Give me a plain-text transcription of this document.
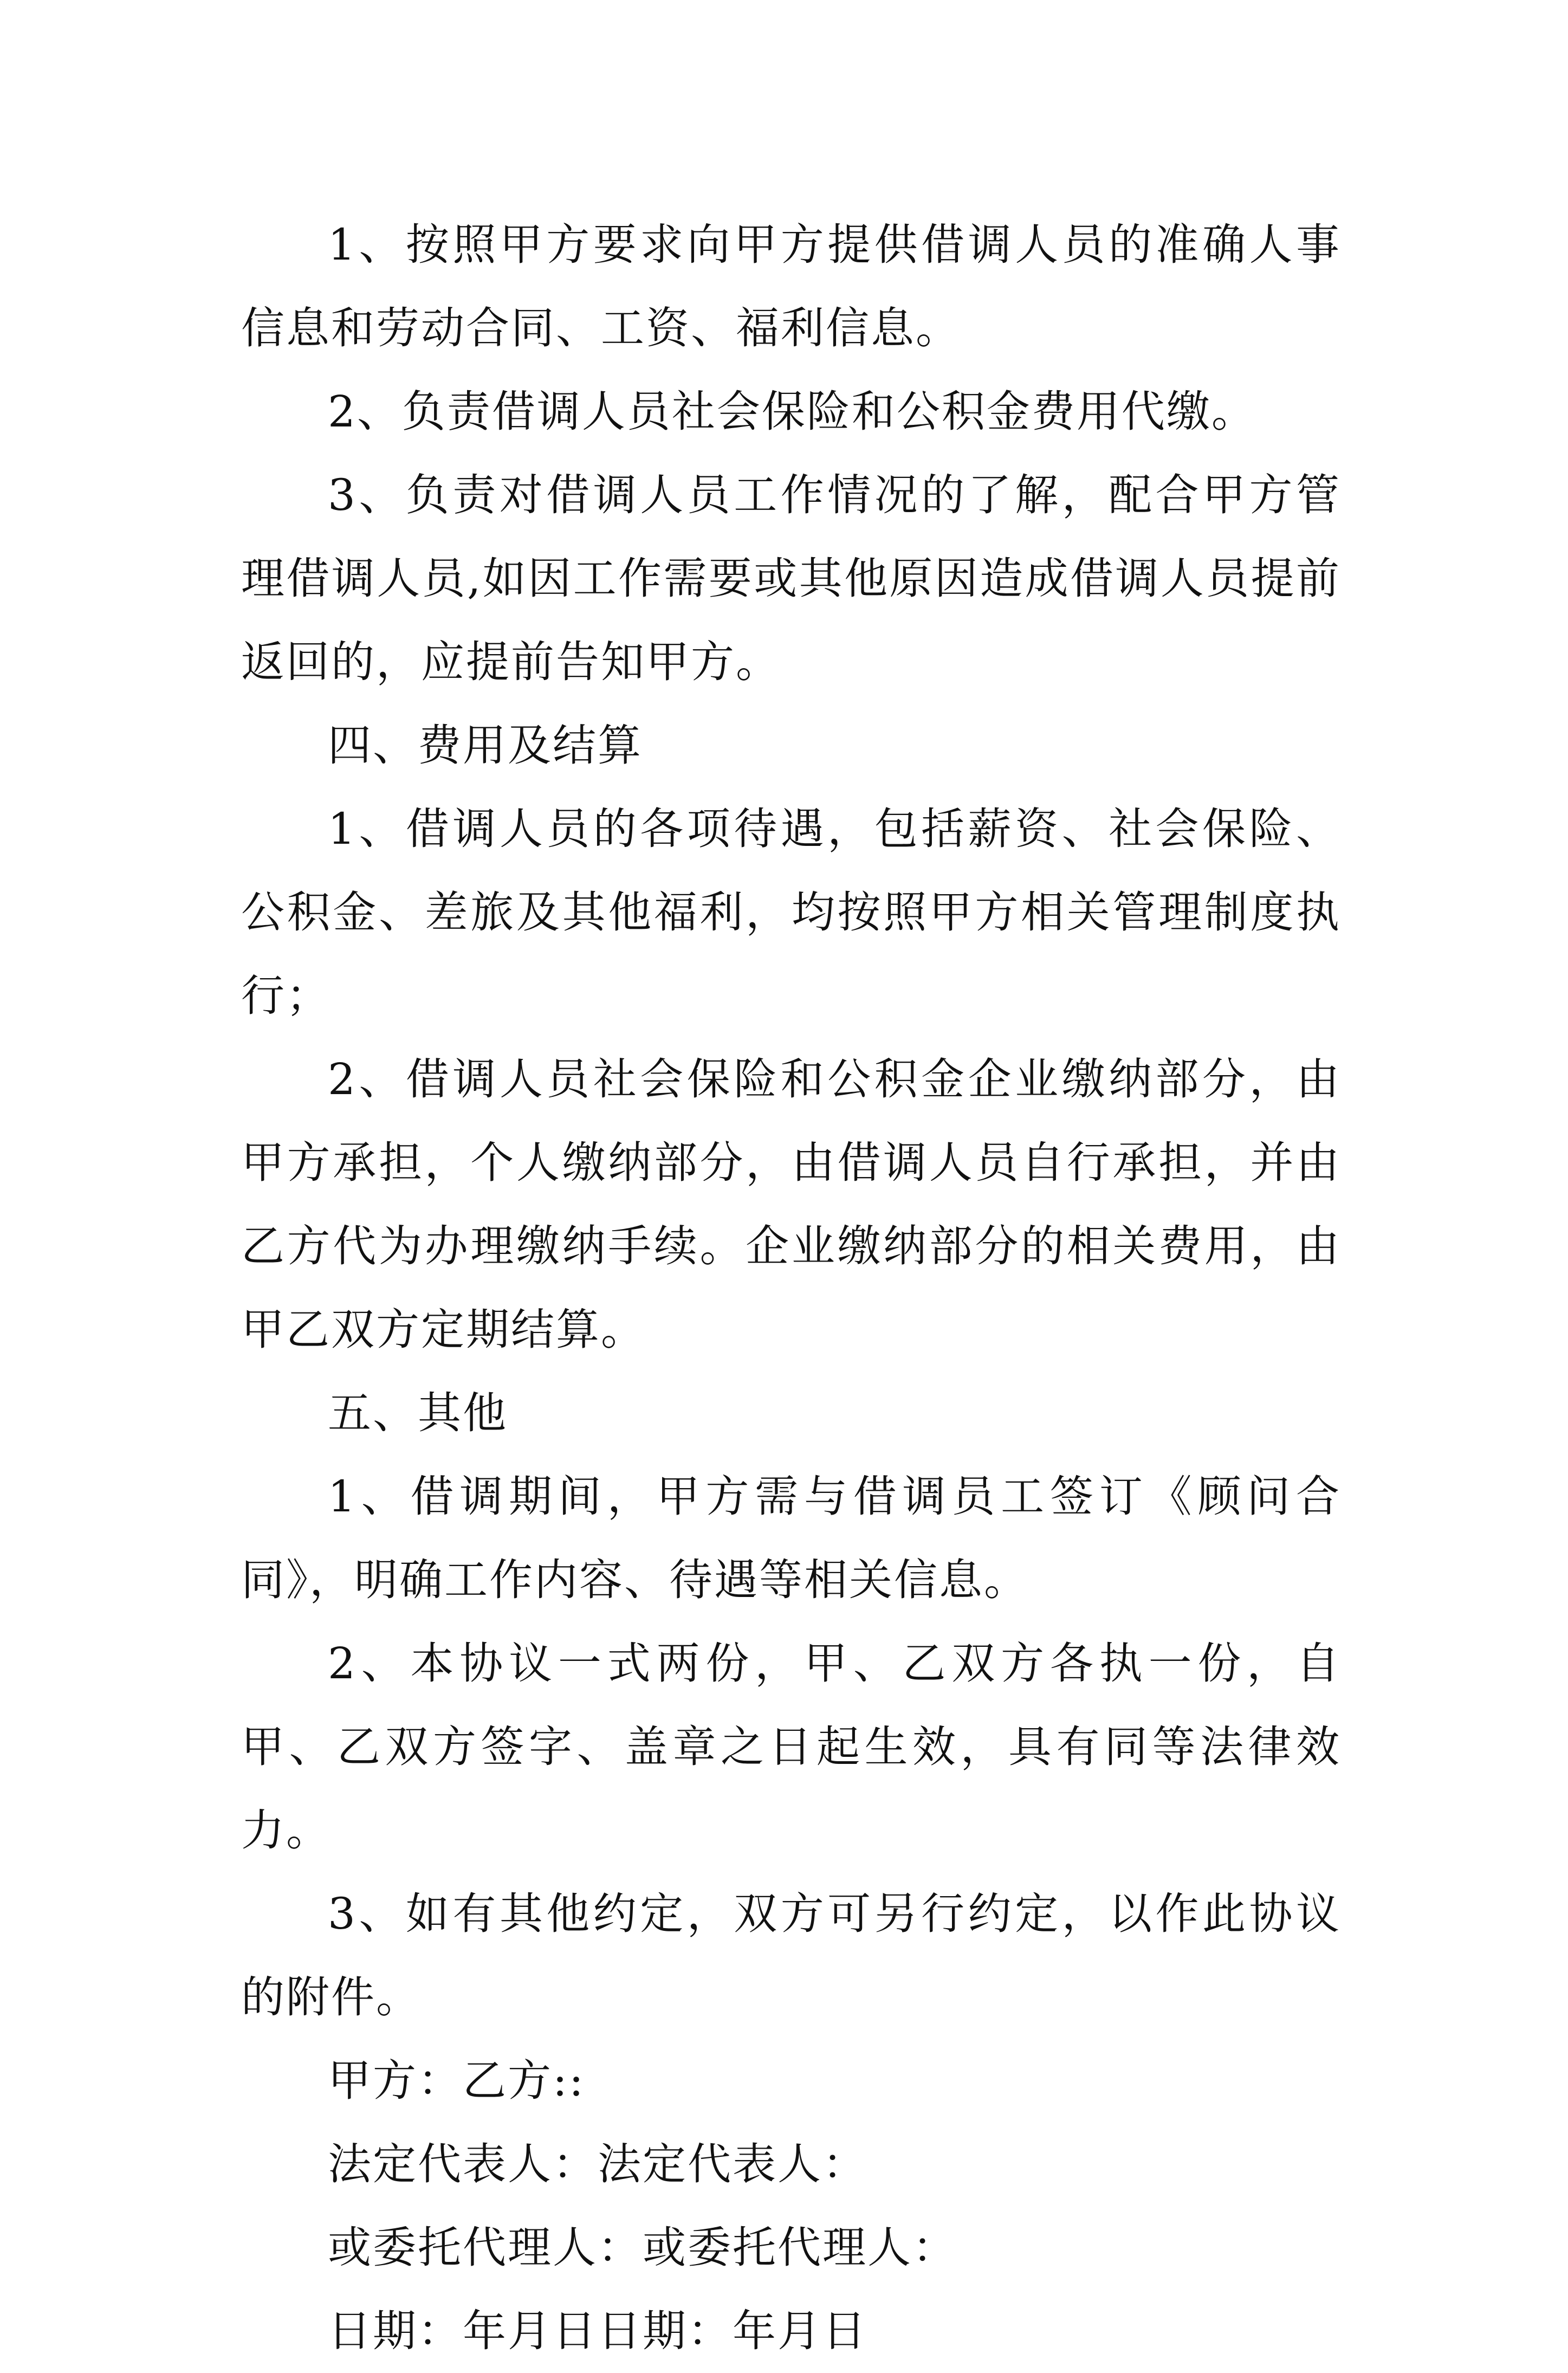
1、按照甲方要求向甲方提供借调人员的准确人事信息和劳动合同、工资、福利信息。

2、负责借调人员社会保险和公积金费用代缴。

3、负责对借调人员工作情况的了解，配合甲方管理借调人员,如因工作需要或其他原因造成借调人员提前返回的，应提前告知甲方。

四、费用及结算

1、借调人员的各项待遇，包括薪资、社会保险、公积金、差旅及其他福利，均按照甲方相关管理制度执行；

2、借调人员社会保险和公积金企业缴纳部分，由甲方承担，个人缴纳部分，由借调人员自行承担，并由乙方代为办理缴纳手续。企业缴纳部分的相关费用，由甲乙双方定期结算。

五、其他

1、借调期间，甲方需与借调员工签订《顾问合同》，明确工作内容、待遇等相关信息。

2、本协议一式两份，甲、乙双方各执一份，自甲、乙双方签字、盖章之日起生效，具有同等法律效力。

3、如有其他约定，双方可另行约定，以作此协议的附件。

甲方：乙方::

法定代表人：法定代表人：

或委托代理人：或委托代理人：

日期：年月日日期：年月日
